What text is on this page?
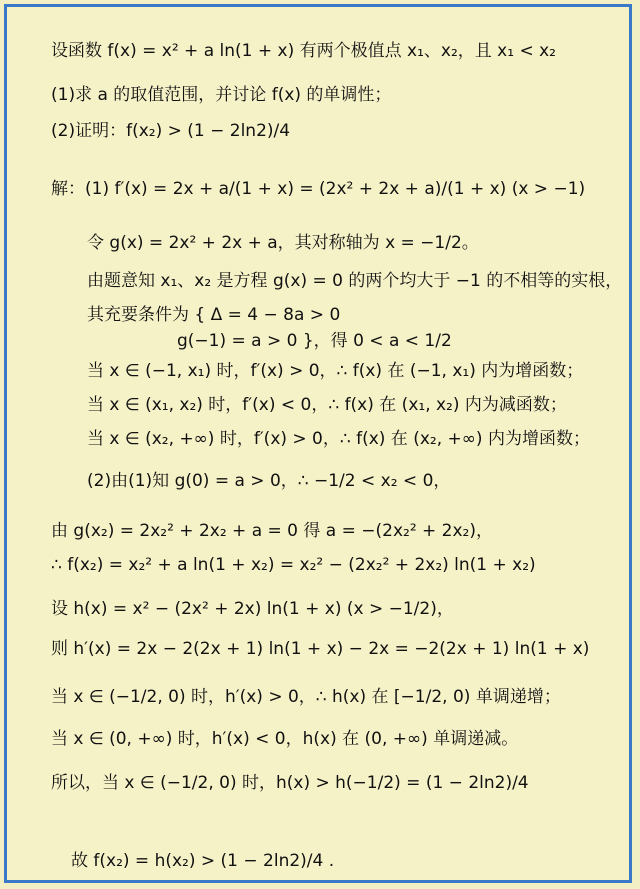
设函数 f(x) = x² + a ln(1 + x) 有两个极值点 x₁、x₂，且 x₁ < x₂
(1)求 a 的取值范围，并讨论 f(x) 的单调性；
(2)证明：f(x₂) > (1 − 2ln2)/4
解：(1) f′(x) = 2x + a/(1 + x) = (2x² + 2x + a)/(1 + x) (x > −1)
令 g(x) = 2x² + 2x + a，其对称轴为 x = −1/2。
由题意知 x₁、x₂ 是方程 g(x) = 0 的两个均大于 −1 的不相等的实根，
其充要条件为 { Δ = 4 − 8a > 0
g(−1) = a > 0 }，得 0 < a < 1/2
当 x ∈ (−1, x₁) 时，f′(x) > 0，∴ f(x) 在 (−1, x₁) 内为增函数；
当 x ∈ (x₁, x₂) 时，f′(x) < 0，∴ f(x) 在 (x₁, x₂) 内为减函数；
当 x ∈ (x₂, +∞) 时，f′(x) > 0，∴ f(x) 在 (x₂, +∞) 内为增函数；
(2)由(1)知 g(0) = a > 0，∴ −1/2 < x₂ < 0，
由 g(x₂) = 2x₂² + 2x₂ + a = 0 得 a = −(2x₂² + 2x₂)，
∴ f(x₂) = x₂² + a ln(1 + x₂) = x₂² − (2x₂² + 2x₂) ln(1 + x₂)
设 h(x) = x² − (2x² + 2x) ln(1 + x) (x > −1/2)，
则 h′(x) = 2x − 2(2x + 1) ln(1 + x) − 2x = −2(2x + 1) ln(1 + x)
当 x ∈ (−1/2, 0) 时，h′(x) > 0，∴ h(x) 在 [−1/2, 0) 单调递增；
当 x ∈ (0, +∞) 时，h′(x) < 0，h(x) 在 (0, +∞) 单调递减。
所以，当 x ∈ (−1/2, 0) 时，h(x) > h(−1/2) = (1 − 2ln2)/4
故 f(x₂) = h(x₂) > (1 − 2ln2)/4 .
